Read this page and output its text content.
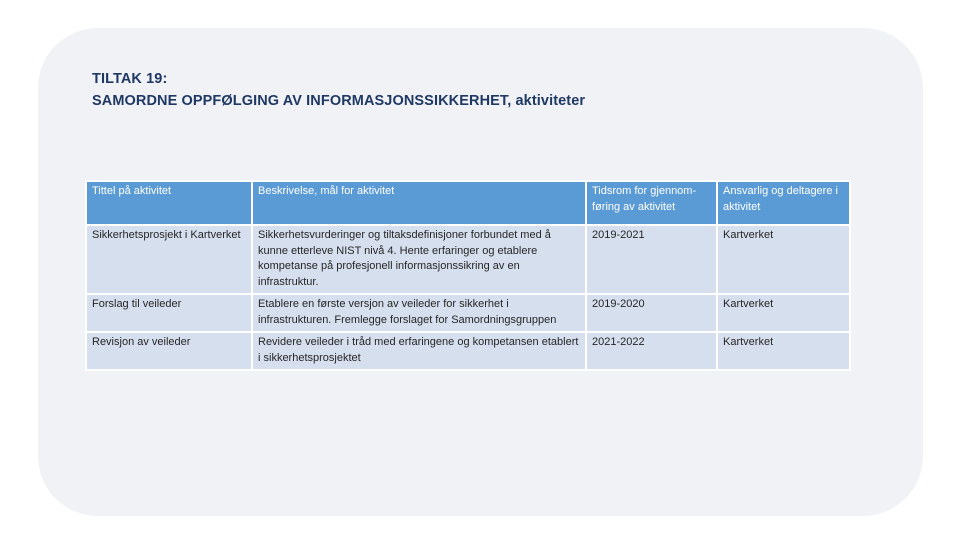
TILTAK 19:
SAMORDNE OPPFØLGING AV INFORMASJONSSIKKERHET, aktiviteter
Tittel på aktivitet	Beskrivelse, mål for aktivitet	Tidsrom for gjennom-føring av aktivitet	Ansvarlig og deltagere i aktivitet
Sikkerhetsprosjekt i Kartverket	Sikkerhetsvurderinger og tiltaksdefinisjoner forbundet med å kunne etterleve NIST nivå 4. Hente erfaringer og etablere kompetanse på profesjonell informasjonssikring av en infrastruktur.	2019-2021	Kartverket
Forslag til veileder	Etablere en første versjon av veileder for sikkerhet i infrastrukturen. Fremlegge forslaget for Samordningsgruppen	2019-2020	Kartverket
Revisjon av veileder	Revidere veileder i tråd med erfaringene og kompetansen etablert i sikkerhetsprosjektet	2021-2022	Kartverket
